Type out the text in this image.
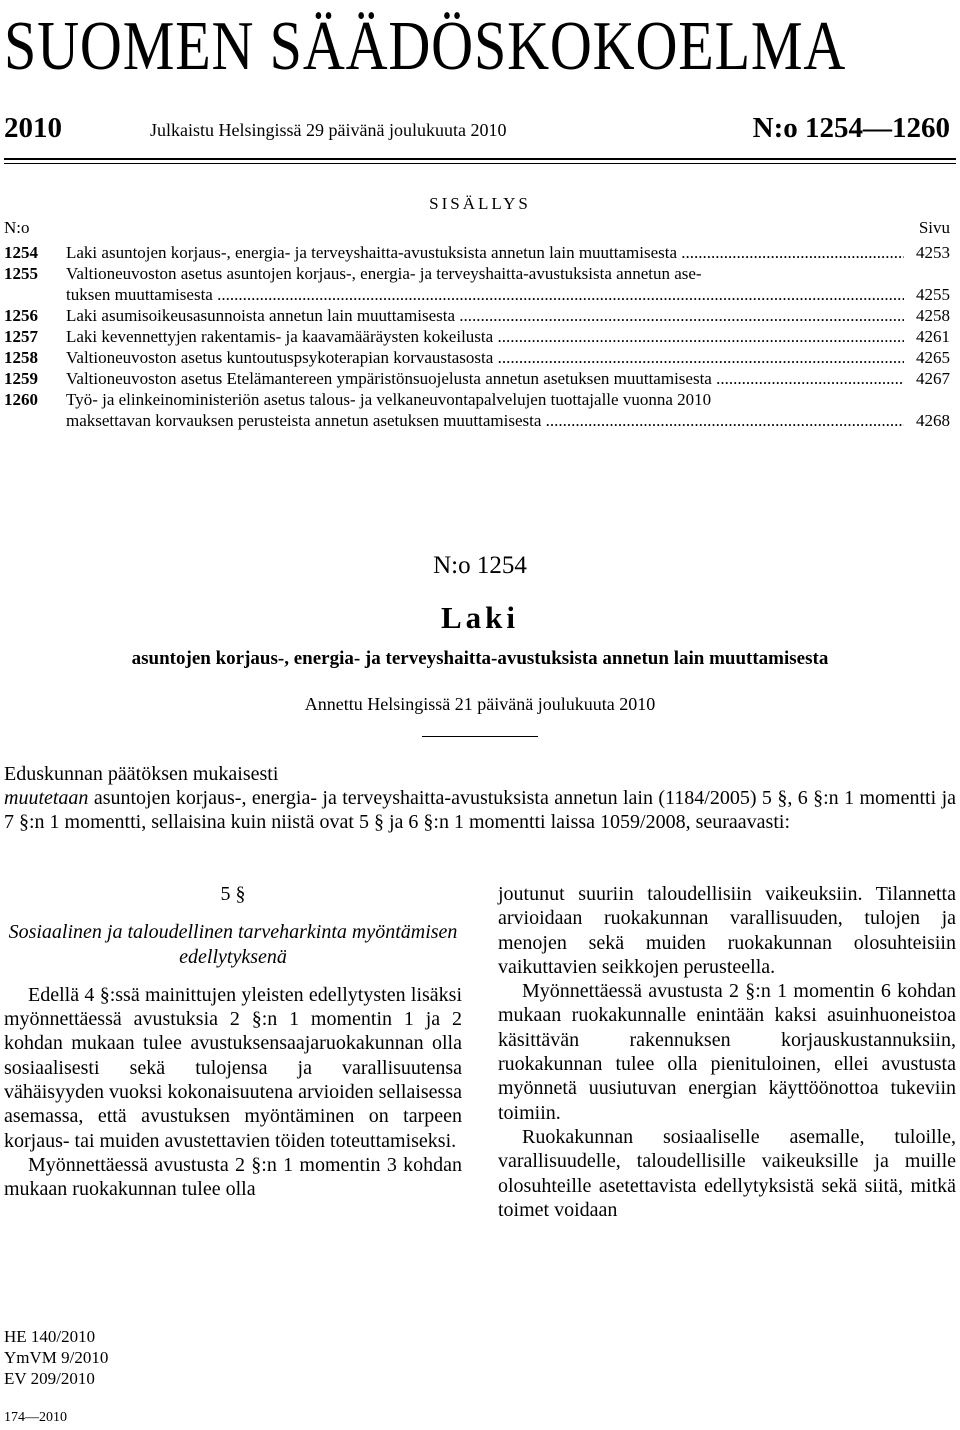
SUOMEN SÄÄDÖSKOKOELMA
2010	Julkaistu Helsingissä 29 päivänä joulukuuta 2010	N:o 1254—1260
SISÄLLYS
N:o	Sivu
1254 Laki asuntojen korjaus-, energia- ja terveyshaitta-avustuksista annetun lain muuttamisesta .....	4253
1255 Valtioneuvoston asetus asuntojen korjaus-, energia- ja terveyshaitta-avustuksista annetun ase-
tuksen muuttamisesta .....	4255
1256 Laki asumisoikeusasunnoista annetun lain muuttamisesta .....	4258
1257 Laki kevennettyjen rakentamis- ja kaavamääräysten kokeilusta .....	4261
1258 Valtioneuvoston asetus kuntoutuspsykoterapian korvaustasosta .....	4265
1259 Valtioneuvoston asetus Etelämantereen ympäristönsuojelusta annetun asetuksen muuttamisesta .....	4267
1260 Työ- ja elinkeinoministeriön asetus talous- ja velkaneuvontapalvelujen tuottajalle vuonna 2010
maksettavan korvauksen perusteista annetun asetuksen muuttamisesta .....	4268
N:o 1254
Laki
asuntojen korjaus-, energia- ja terveyshaitta-avustuksista annetun lain muuttamisesta
Annettu Helsingissä 21 päivänä joulukuuta 2010

Eduskunnan päätöksen mukaisesti

muutetaan asuntojen korjaus-, energia- ja terveyshaitta-avustuksista annetun lain (1184/2005) 5 §, 6 §:n 1 momentti ja 7 §:n 1 momentti, sellaisina kuin niistä ovat 5 § ja 6 §:n 1 momentti laissa 1059/2008, seuraavasti:

5 §

Sosiaalinen ja taloudellinen tarveharkinta myöntämisen edellytyksenä

Edellä 4 §:ssä mainittujen yleisten edellytysten lisäksi myönnettäessä avustuksia 2 §:n 1 momentin 1 ja 2 kohdan mukaan tulee avustuksensaajaruokakunnan olla sosiaalisesti sekä tulojensa ja varallisuutensa vähäisyyden vuoksi kokonaisuutena arvioiden sellaisessa asemassa, että avustuksen myöntäminen on tarpeen korjaus- tai muiden avustettavien töiden toteuttamiseksi.

Myönnettäessä avustusta 2 §:n 1 momentin 3 kohdan mukaan ruokakunnan tulee olla

joutunut suuriin taloudellisiin vaikeuksiin. Tilannetta arvioidaan ruokakunnan varallisuuden, tulojen ja menojen sekä muiden ruokakunnan olosuhteisiin vaikuttavien seikkojen perusteella.

Myönnettäessä avustusta 2 §:n 1 momentin 6 kohdan mukaan ruokakunnalle enintään kaksi asuinhuoneistoa käsittävän rakennuksen korjauskustannuksiin, ruokakunnan tulee olla pienituloinen, ellei avustusta myönnetä uusiutuvan energian käyttöönottoa tukeviin toimiin.

Ruokakunnan sosiaaliselle asemalle, tuloille, varallisuudelle, taloudellisille vaikeuksille ja muille olosuhteille asetettavista edellytyksistä sekä siitä, mitkä toimet voidaan

HE 140/2010
YmVM 9/2010
EV 209/2010
174—2010
